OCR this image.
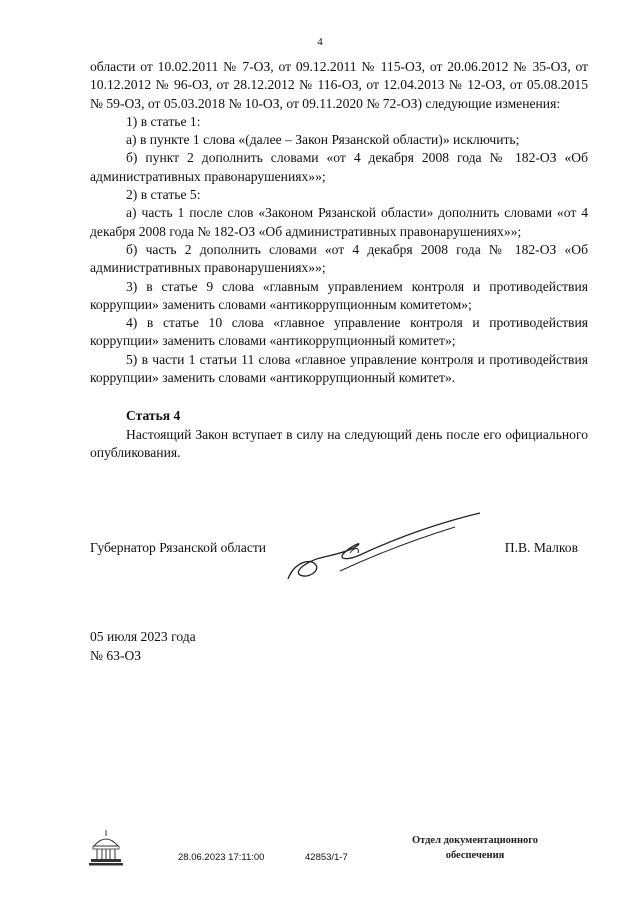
4

области от 10.02.2011 № 7-ОЗ, от 09.12.2011 № 115-ОЗ, от 20.06.2012 № 35-ОЗ, от 10.12.2012 № 96-ОЗ, от 28.12.2012 № 116-ОЗ, от 12.04.2013 № 12-ОЗ, от 05.08.2015 № 59-ОЗ, от 05.03.2018 № 10-ОЗ, от 09.11.2020 № 72-ОЗ) следующие изменения:

1) в статье 1:

а) в пункте 1 слова «(далее – Закон Рязанской области)» исключить;

б) пункт 2 дополнить словами «от 4 декабря 2008 года № 182-ОЗ «Об административных правонарушениях»»;

2) в статье 5:

а) часть 1 после слов «Законом Рязанской области» дополнить словами «от 4 декабря 2008 года № 182-ОЗ «Об административных правонарушениях»»;

б) часть 2 дополнить словами «от 4 декабря 2008 года № 182-ОЗ «Об административных правонарушениях»»;

3) в статье 9 слова «главным управлением контроля и противодействия коррупции» заменить словами «антикоррупционным комитетом»;

4) в статье 10 слова «главное управление контроля и противодействия коррупции» заменить словами «антикоррупционный комитет»;

5) в части 1 статьи 11 слова «главное управление контроля и противодействия коррупции» заменить словами «антикоррупционный комитет».

Статья 4

Настоящий Закон вступает в силу на следующий день после его официального опубликования.

Губернатор Рязанской области	П.В. Малков
05 июля 2023 года
№ 63-ОЗ
28.06.2023 17:11:00	42853/1-7
Отдел документационного
обеспечения
